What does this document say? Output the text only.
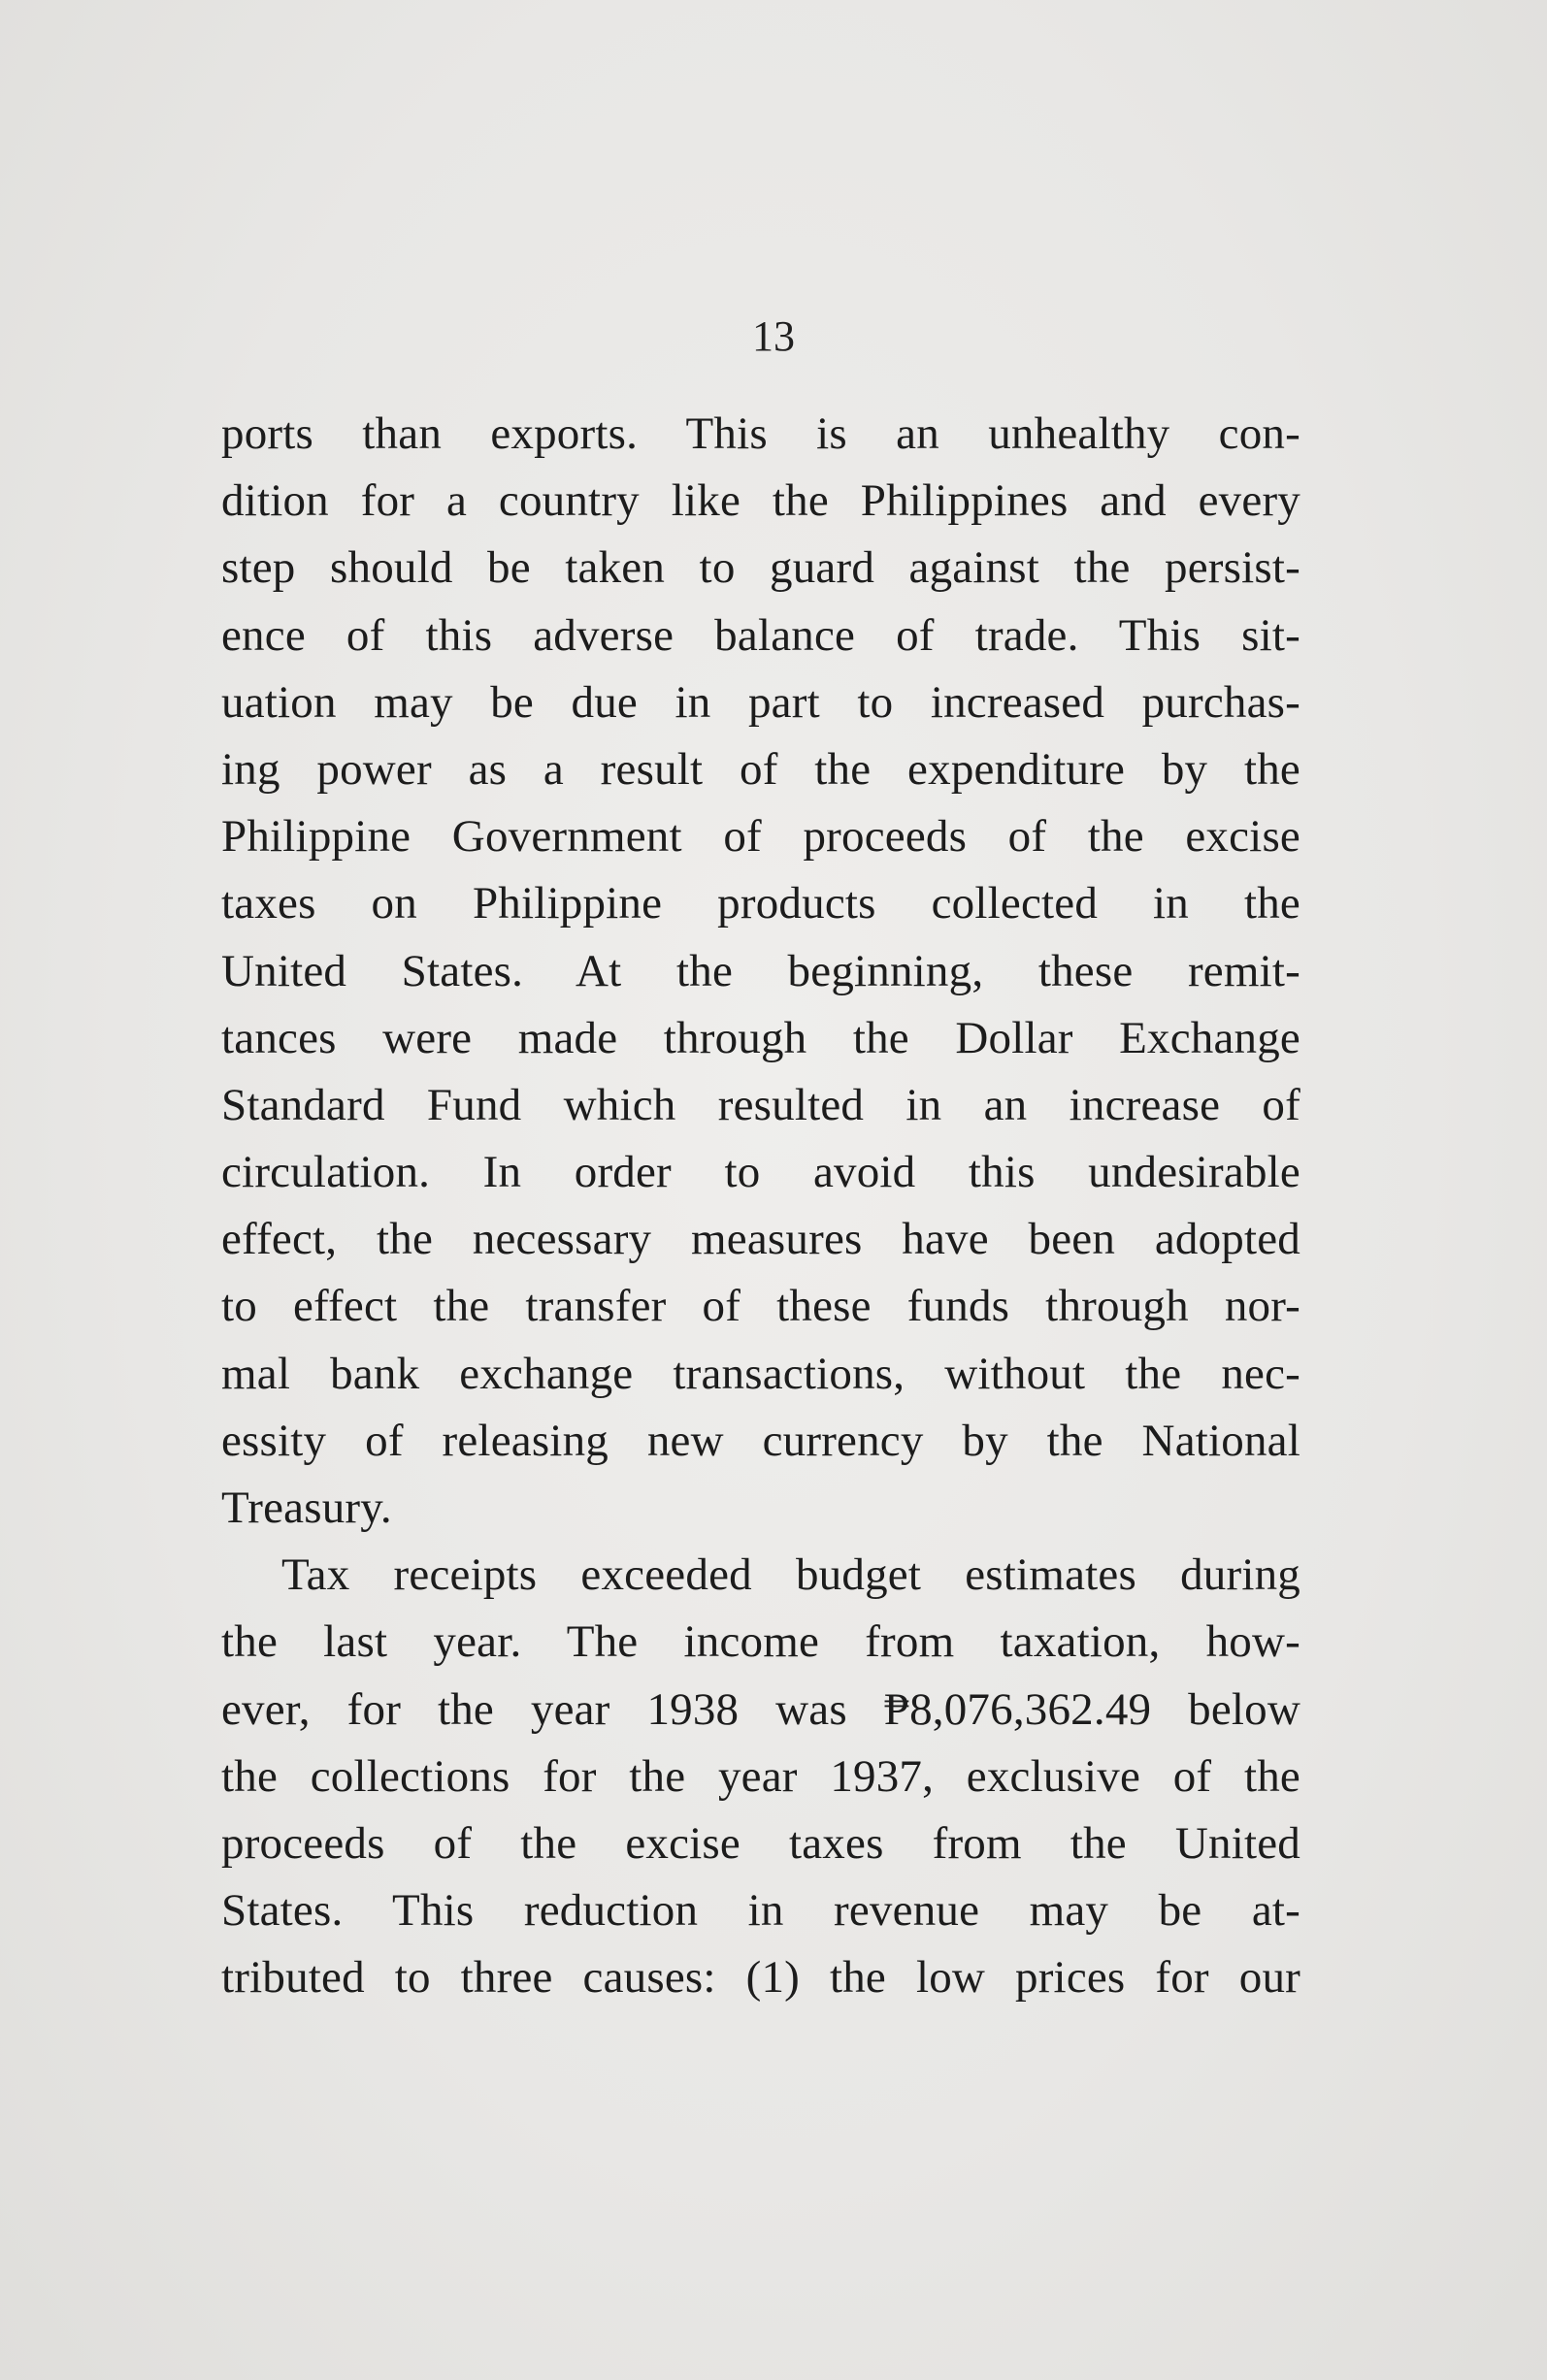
13
ports than exports. This is an unhealthy con-
dition for a country like the Philippines and every
step should be taken to guard against the persist-
ence of this adverse balance of trade. This sit-
uation may be due in part to increased purchas-
ing power as a result of the expenditure by the
Philippine Government of proceeds of the excise
taxes on Philippine products collected in the
United States. At the beginning, these remit-
tances were made through the Dollar Exchange
Standard Fund which resulted in an increase of
circulation. In order to avoid this undesirable
effect, the necessary measures have been adopted
to effect the transfer of these funds through nor-
mal bank exchange transactions, without the nec-
essity of releasing new currency by the National
Treasury.
Tax receipts exceeded budget estimates during
the last year. The income from taxation, how-
ever, for the year 1938 was ₱8,076,362.49 below
the collections for the year 1937, exclusive of the
proceeds of the excise taxes from the United
States. This reduction in revenue may be at-
tributed to three causes: (1) the low prices for our
